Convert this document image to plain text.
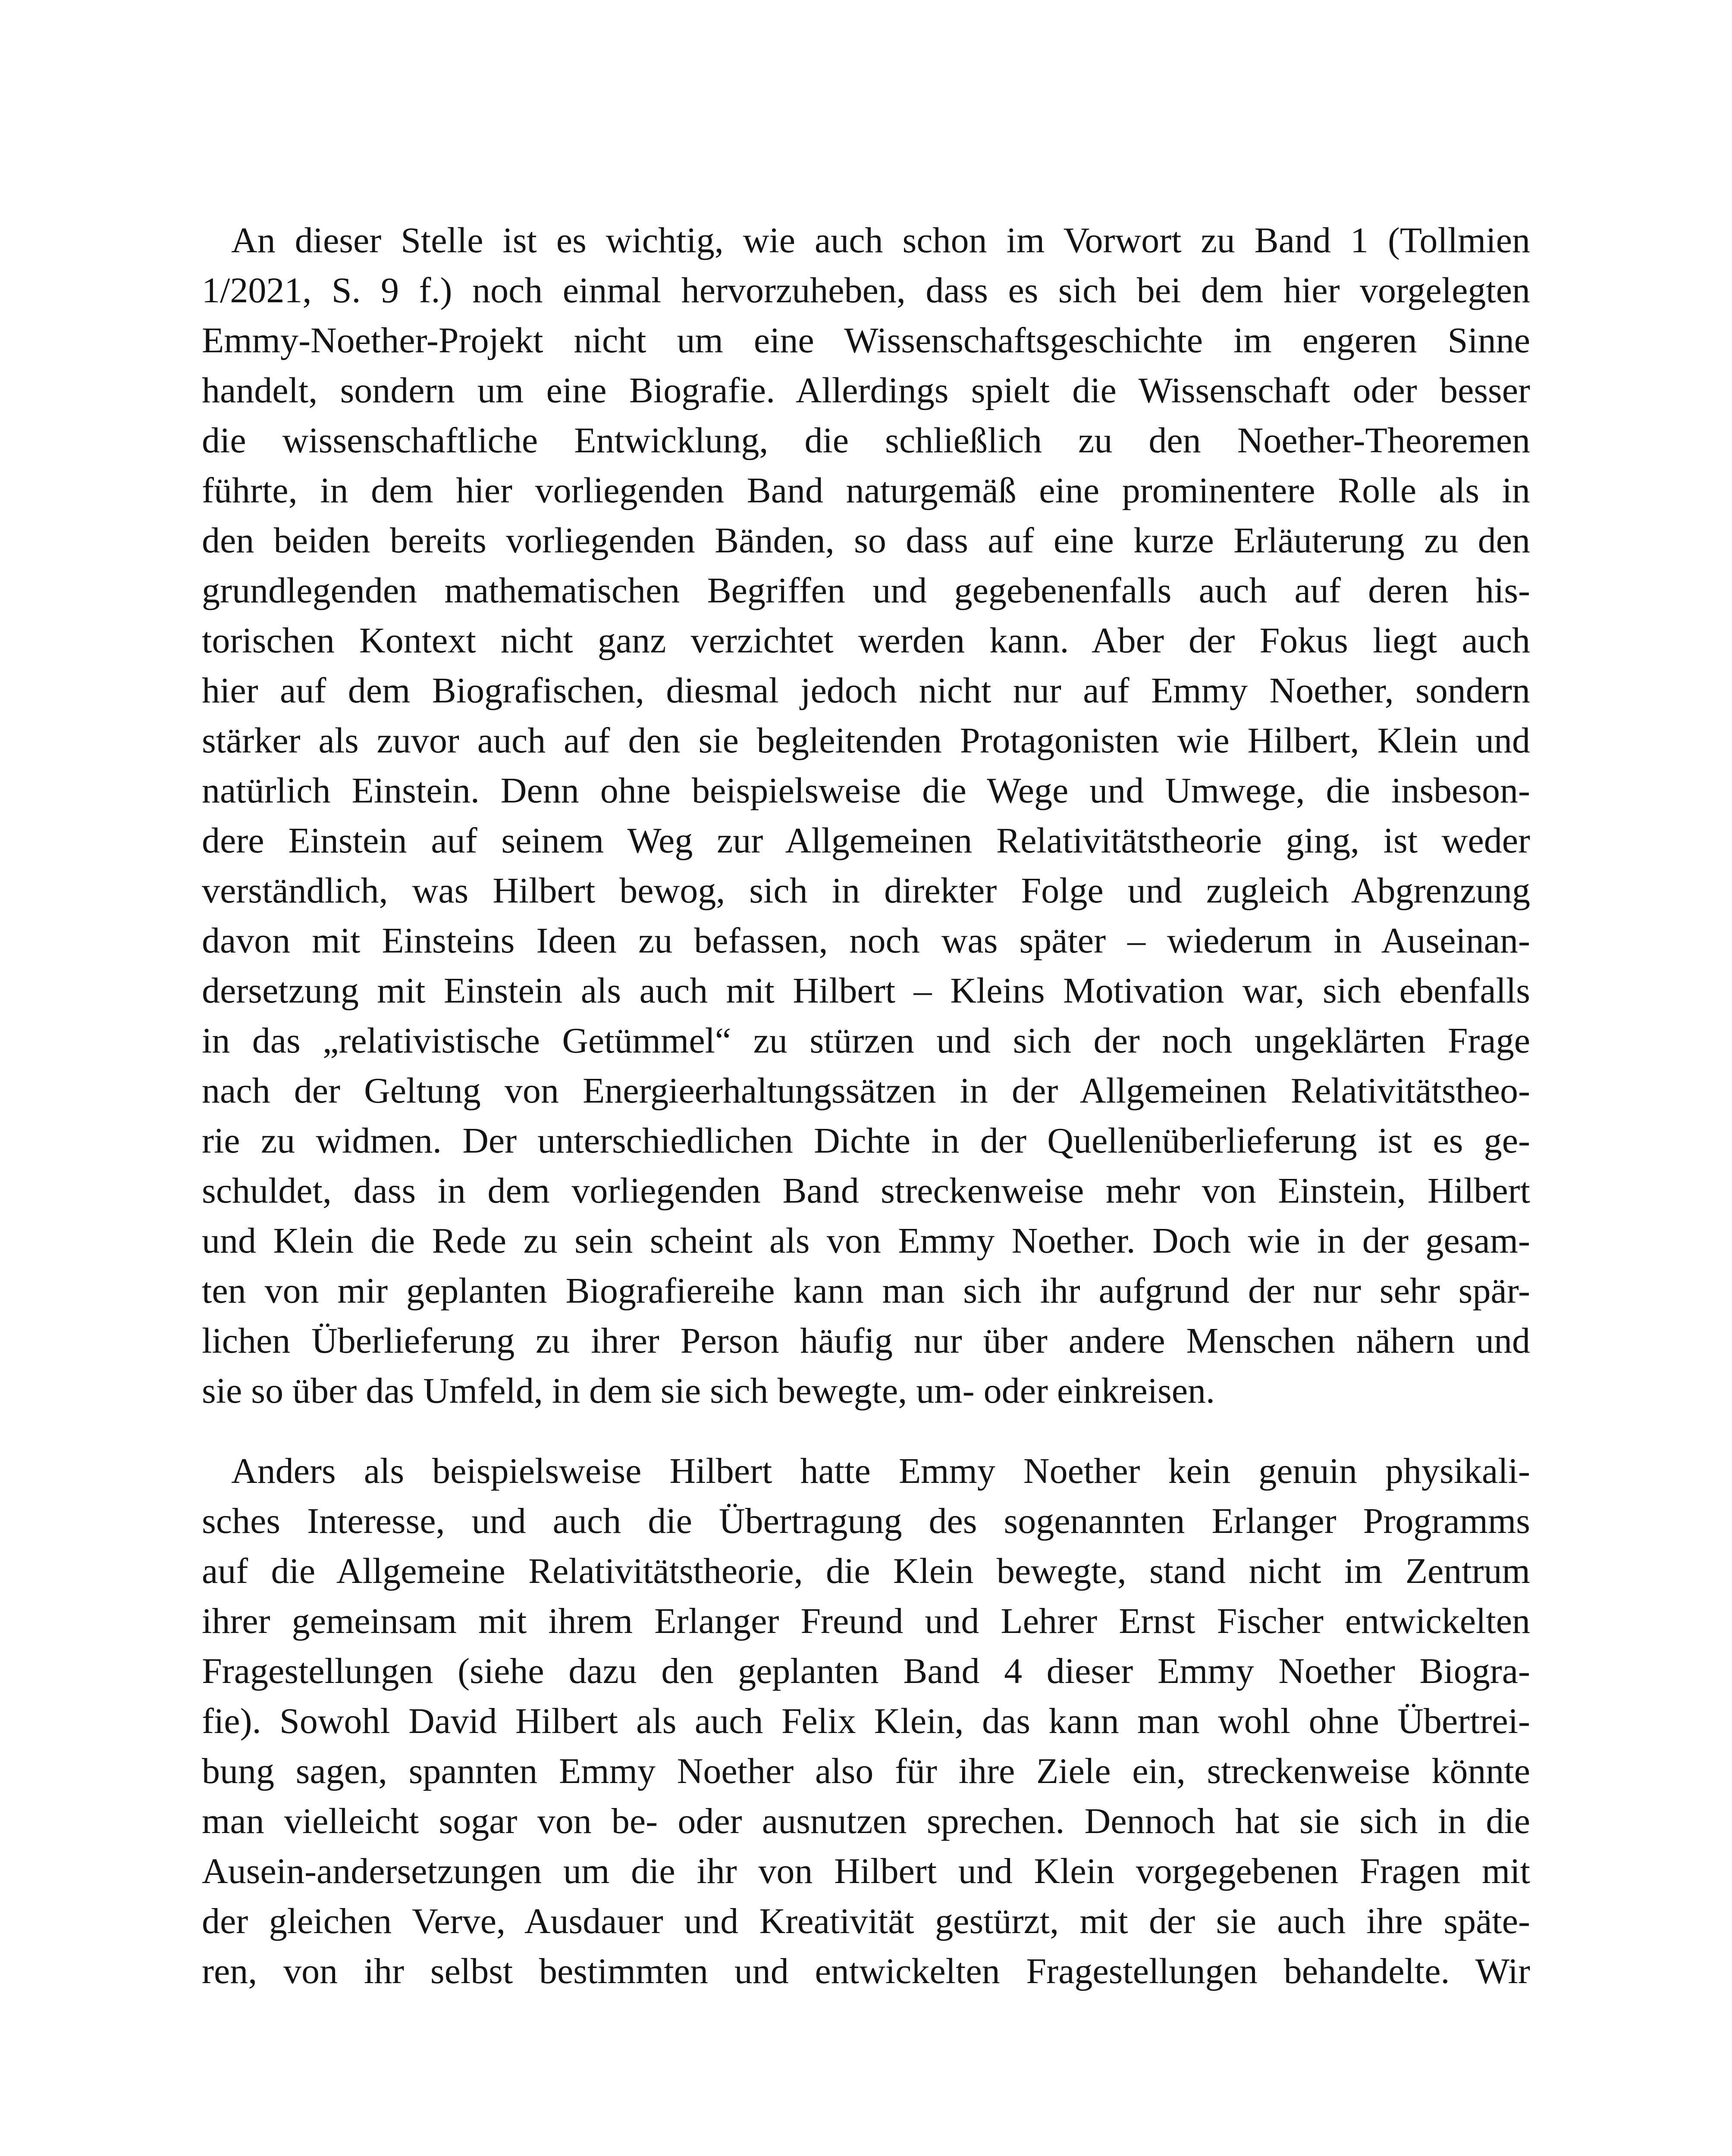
An dieser Stelle ist es wichtig, wie auch schon im Vorwort zu Band 1 (Tollmien
1/2021, S. 9 f.) noch einmal hervorzuheben, dass es sich bei dem hier vorgelegten
Emmy-Noether-Projekt nicht um eine Wissenschaftsgeschichte im engeren Sinne
handelt, sondern um eine Biografie. Allerdings spielt die Wissenschaft oder besser
die wissenschaftliche Entwicklung, die schließlich zu den Noether-Theoremen
führte, in dem hier vorliegenden Band naturgemäß eine prominentere Rolle als in
den beiden bereits vorliegenden Bänden, so dass auf eine kurze Erläuterung zu den
grundlegenden mathematischen Begriffen und gegebenenfalls auch auf deren his-
torischen Kontext nicht ganz verzichtet werden kann. Aber der Fokus liegt auch
hier auf dem Biografischen, diesmal jedoch nicht nur auf Emmy Noether, sondern
stärker als zuvor auch auf den sie begleitenden Protagonisten wie Hilbert, Klein und
natürlich Einstein. Denn ohne beispielsweise die Wege und Umwege, die insbeson-
dere Einstein auf seinem Weg zur Allgemeinen Relativitätstheorie ging, ist weder
verständlich, was Hilbert bewog, sich in direkter Folge und zugleich Abgrenzung
davon mit Einsteins Ideen zu befassen, noch was später – wiederum in Auseinan-
dersetzung mit Einstein als auch mit Hilbert – Kleins Motivation war, sich ebenfalls
in das „relativistische Getümmel“ zu stürzen und sich der noch ungeklärten Frage
nach der Geltung von Energieerhaltungssätzen in der Allgemeinen Relativitätstheo-
rie zu widmen. Der unterschiedlichen Dichte in der Quellenüberlieferung ist es ge-
schuldet, dass in dem vorliegenden Band streckenweise mehr von Einstein, Hilbert
und Klein die Rede zu sein scheint als von Emmy Noether. Doch wie in der gesam-
ten von mir geplanten Biografiereihe kann man sich ihr aufgrund der nur sehr spär-
lichen Überlieferung zu ihrer Person häufig nur über andere Menschen nähern und
sie so über das Umfeld, in dem sie sich bewegte, um- oder einkreisen.
Anders als beispielsweise Hilbert hatte Emmy Noether kein genuin physikali-
sches Interesse, und auch die Übertragung des sogenannten Erlanger Programms
auf die Allgemeine Relativitätstheorie, die Klein bewegte, stand nicht im Zentrum
ihrer gemeinsam mit ihrem Erlanger Freund und Lehrer Ernst Fischer entwickelten
Fragestellungen (siehe dazu den geplanten Band 4 dieser Emmy Noether Biogra-
fie). Sowohl David Hilbert als auch Felix Klein, das kann man wohl ohne Übertrei-
bung sagen, spannten Emmy Noether also für ihre Ziele ein, streckenweise könnte
man vielleicht sogar von be- oder ausnutzen sprechen. Dennoch hat sie sich in die
Ausein-andersetzungen um die ihr von Hilbert und Klein vorgegebenen Fragen mit
der gleichen Verve, Ausdauer und Kreativität gestürzt, mit der sie auch ihre späte-
ren, von ihr selbst bestimmten und entwickelten Fragestellungen behandelte. Wir
